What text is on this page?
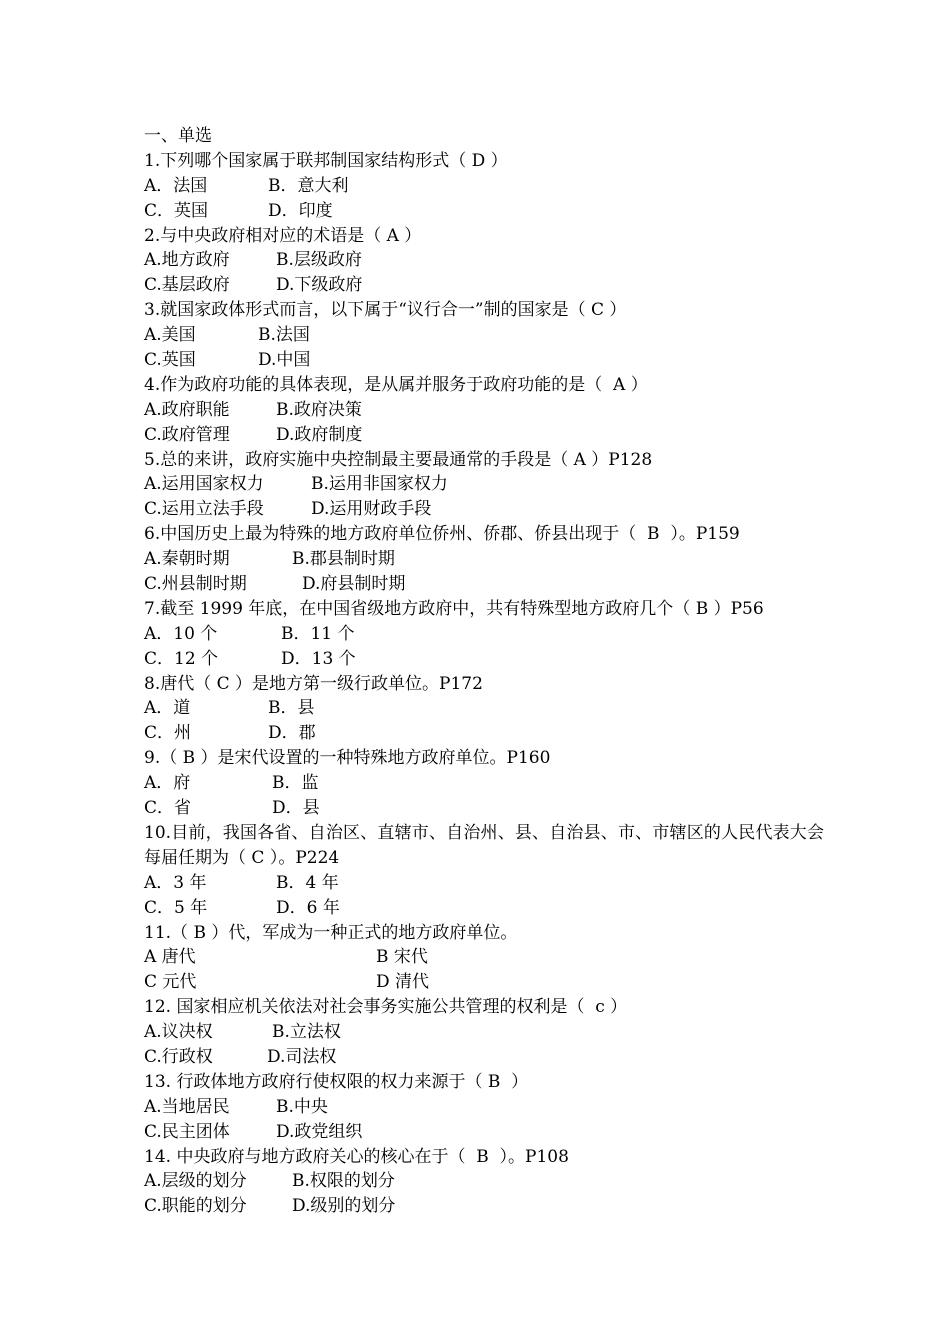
一、单选
1.下列哪个国家属于联邦制国家结构形式（ D ）
A．法国	B．意大利
C．英国	D．印度
2.与中央政府相对应的术语是（ A ）
A.地方政府	B.层级政府
C.基层政府	D.下级政府
3.就国家政体形式而言，以下属于“议行合一”制的国家是（ C ）
A.美国	B.法国
C.英国	D.中国
4.作为政府功能的具体表现，是从属并服务于政府功能的是（  A ）
A.政府职能	B.政府决策
C.政府管理	D.政府制度
5.总的来讲，政府实施中央控制最主要最通常的手段是（ A ）P128
A.运用国家权力	B.运用非国家权力
C.运用立法手段	D.运用财政手段
6.中国历史上最为特殊的地方政府单位侨州、侨郡、侨县出现于（  B  ）。P159
A.秦朝时期	B.郡县制时期
C.州县制时期	D.府县制时期
7.截至 1999 年底，在中国省级地方政府中，共有特殊型地方政府几个（ B ）P56
A．10 个	B．11 个
C．12 个	D．13 个
8.唐代（ C ）是地方第一级行政单位。P172
A．道	B．县
C．州	D．郡
9.（ B ）是宋代设置的一种特殊地方政府单位。P160
A．府	B．监
C．省	D．县
10.目前，我国各省、自治区、直辖市、自治州、县、自治县、市、市辖区的人民代表大会每届任期为（ C ）。P224
A．3 年	B．4 年
C．5 年	D．6 年
11.（ B ）代，军成为一种正式的地方政府单位。
A 唐代	B 宋代
C 元代	D 清代
12. 国家相应机关依法对社会事务实施公共管理的权利是（  c ）
A.议决权	B.立法权
C.行政权	D.司法权
13. 行政体地方政府行使权限的权力来源于（ B  ）
A.当地居民	B.中央
C.民主团体	D.政党组织
14. 中央政府与地方政府关心的核心在于（  B  ）。P108
A.层级的划分	B.权限的划分
C.职能的划分	D.级别的划分
